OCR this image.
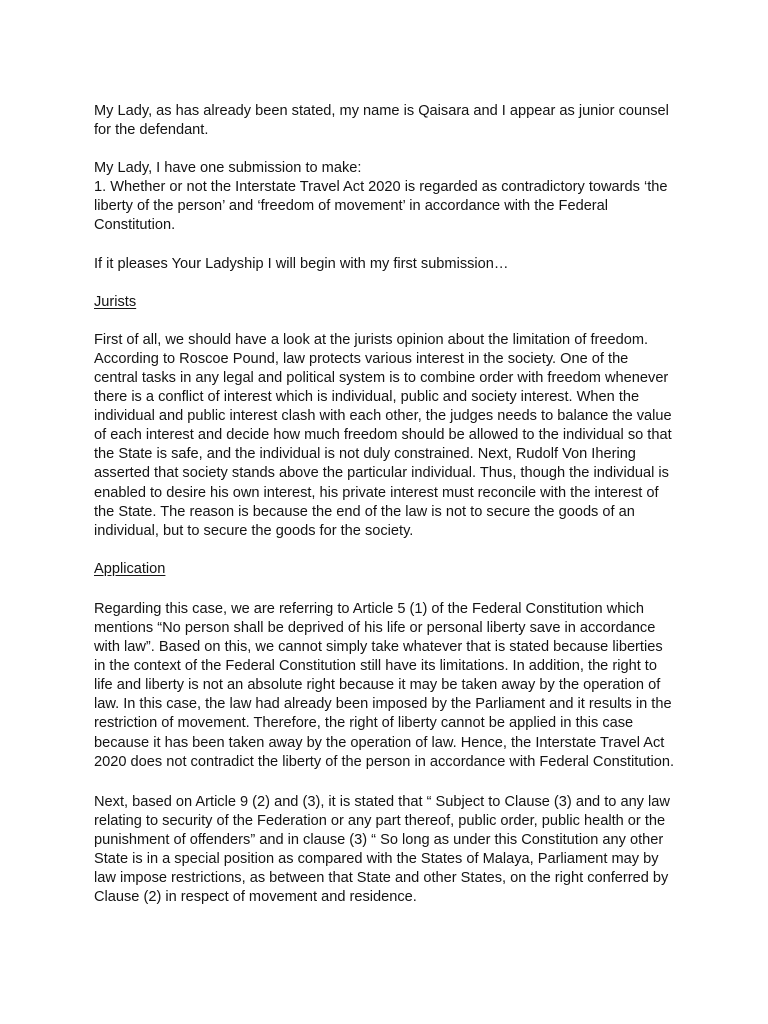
My Lady, as has already been stated, my name is Qaisara and I appear as junior counsel for the defendant.

My Lady, I have one submission to make:

1. Whether or not the Interstate Travel Act 2020 is regarded as contradictory towards ‘the liberty of the person’ and ‘freedom of movement’ in accordance with the Federal Constitution.

If it pleases Your Ladyship I will begin with my first submission…

Jurists

First of all, we should have a look at the jurists opinion about the limitation of freedom. According to Roscoe Pound, law protects various interest in the society. One of the central tasks in any legal and political system is to combine order with freedom whenever there is a conflict of interest which is individual, public and society interest. When the individual and public interest clash with each other, the judges needs to balance the value of each interest and decide how much freedom should be allowed to the individual so that the State is safe, and the individual is not duly constrained. Next, Rudolf Von Ihering asserted that society stands above the particular individual. Thus, though the individual is enabled to desire his own interest, his private interest must reconcile with the interest of the State. The reason is because the end of the law is not to secure the goods of an individual, but to secure the goods for the society.

Application

Regarding this case, we are referring to Article 5 (1) of the Federal Constitution which mentions “No person shall be deprived of his life or personal liberty save in accordance with law”. Based on this, we cannot simply take whatever that is stated because liberties in the context of the Federal Constitution still have its limitations. In addition, the right to life and liberty is not an absolute right because it may be taken away by the operation of law. In this case, the law had already been imposed by the Parliament and it results in the restriction of movement. Therefore, the right of liberty cannot be applied in this case because it has been taken away by the operation of law. Hence, the Interstate Travel Act 2020 does not contradict the liberty of the person in accordance with Federal Constitution.

Next, based on Article 9 (2) and (3), it is stated that “ Subject to Clause (3) and to any law relating to security of the Federation or any part thereof, public order, public health or the punishment of offenders” and in clause (3) “ So long as under this Constitution any other State is in a special position as compared with the States of Malaya, Parliament may by law impose restrictions, as between that State and other States, on the right conferred by Clause (2) in respect of movement and residence.
